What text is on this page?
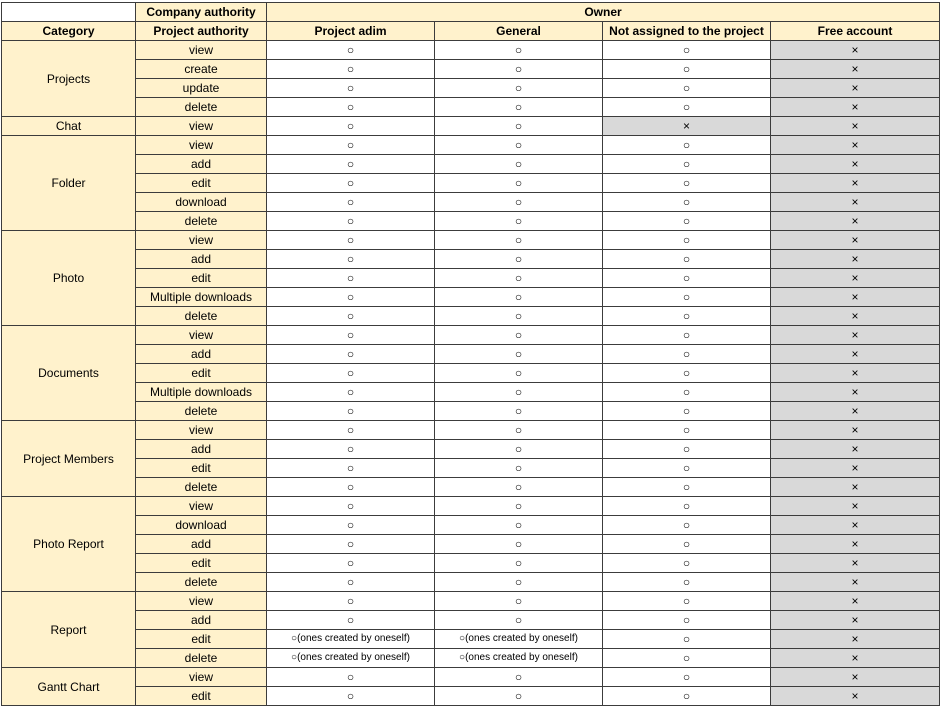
	Company authority	Owner			
Category	Project authority	Project adim	General	Not assigned to the project	Free account
Projects	view	○	○	○	×
	create	○	○	○	×
	update	○	○	○	×
	delete	○	○	○	×
Chat	view	○	○	×	×
Folder	view	○	○	○	×
	add	○	○	○	×
	edit	○	○	○	×
	download	○	○	○	×
	delete	○	○	○	×
Photo	view	○	○	○	×
	add	○	○	○	×
	edit	○	○	○	×
	Multiple downloads	○	○	○	×
	delete	○	○	○	×
Documents	view	○	○	○	×
	add	○	○	○	×
	edit	○	○	○	×
	Multiple downloads	○	○	○	×
	delete	○	○	○	×
Project Members	view	○	○	○	×
	add	○	○	○	×
	edit	○	○	○	×
	delete	○	○	○	×
Photo Report	view	○	○	○	×
	download	○	○	○	×
	add	○	○	○	×
	edit	○	○	○	×
	delete	○	○	○	×
Report	view	○	○	○	×
	add	○	○	○	×
	edit	○(ones created by oneself)	○(ones created by oneself)	○	×
	delete	○(ones created by oneself)	○(ones created by oneself)	○	×
Gantt Chart	view	○	○	○	×
	edit	○	○	○	×
